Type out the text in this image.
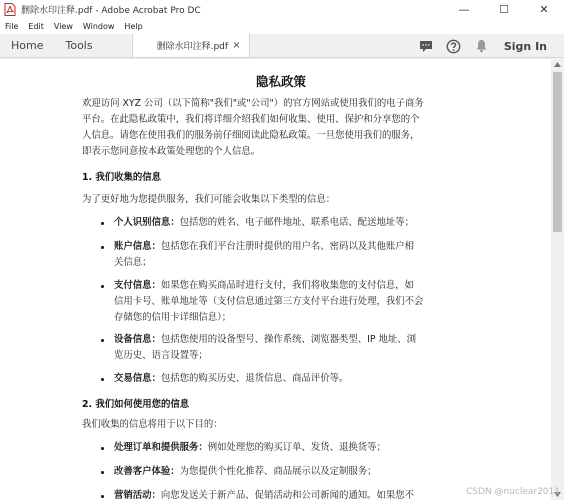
删除水印注释.pdf - Adobe Acrobat Pro DC	—	☐	✕
File Edit View Window Help
Home	Tools	删除水印注释.pdf ×	Sign In
隐私政策
欢迎访问 XYZ 公司（以下简称"我们"或"公司"）的官方网站或使用我们的电子商务
平台。在此隐私政策中，我们将详细介绍我们如何收集、使用、保护和分享您的个
人信息。请您在使用我们的服务前仔细阅读此隐私政策。一旦您使用我们的服务，
即表示您同意按本政策处理您的个人信息。
1. 我们收集的信息
为了更好地为您提供服务，我们可能会收集以下类型的信息：
个人识别信息：包括您的姓名、电子邮件地址、联系电话、配送地址等；
账户信息：包括您在我们平台注册时提供的用户名、密码以及其他账户相
关信息；
支付信息：如果您在购买商品时进行支付，我们将收集您的支付信息，如
信用卡号、账单地址等（支付信息通过第三方支付平台进行处理，我们不会
存储您的信用卡详细信息）；
设备信息：包括您使用的设备型号、操作系统、浏览器类型、IP 地址、浏
览历史、语言设置等；
交易信息：包括您的购买历史、退货信息、商品评价等。
2. 我们如何使用您的信息
我们收集的信息将用于以下目的：
处理订单和提供服务：例如处理您的购买订单、发货、退换货等；
改善客户体验：为您提供个性化推荐、商品展示以及定制服务；
营销活动：向您发送关于新产品、促销活动和公司新闻的通知。如果您不	CSDN @nuclear2011
